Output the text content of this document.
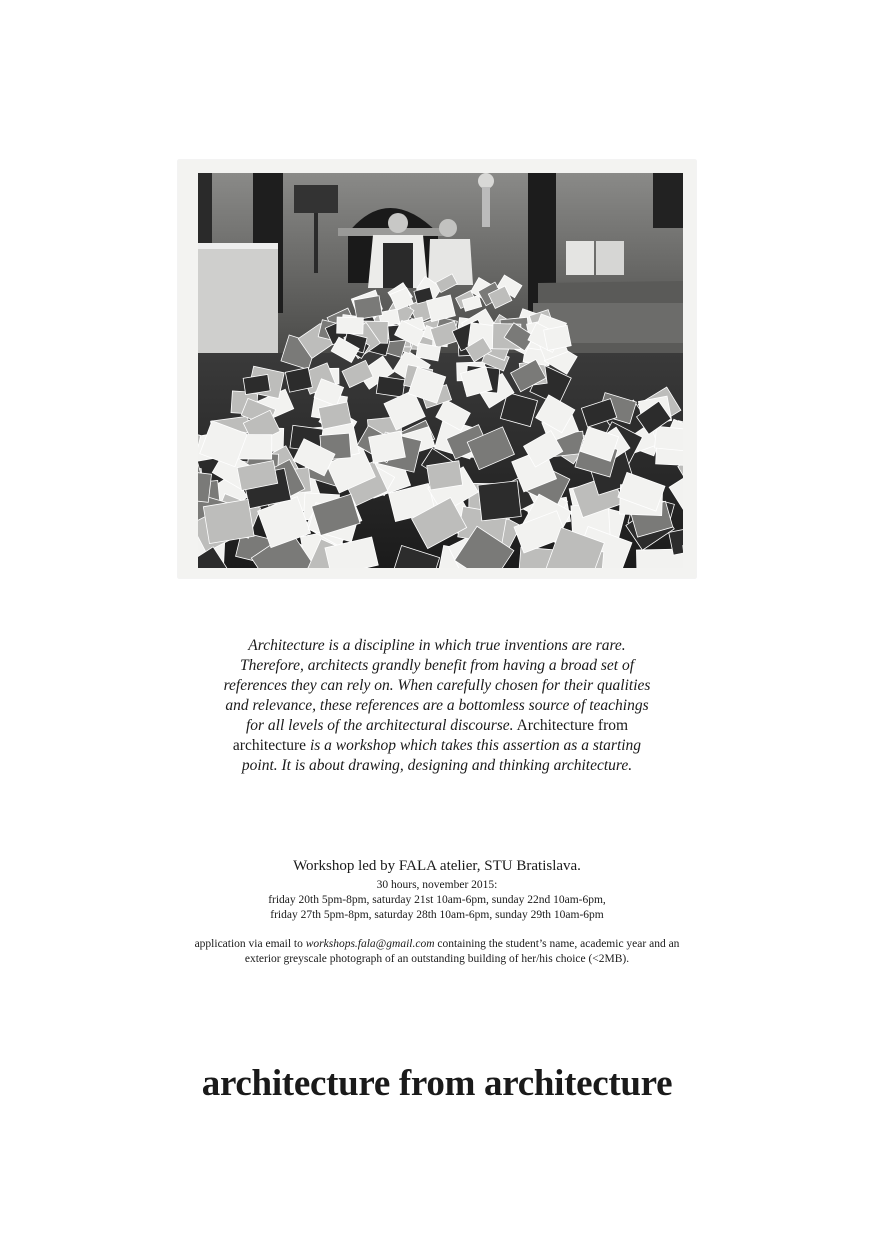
Architecture is a discipline in which true inventions are rare. Therefore, architects grandly benefit from having a broad set of references they can rely on. When carefully chosen for their qualities and relevance, these references are a bottomless source of teachings for all levels of the architectural discourse. Architecture from architecture is a workshop which takes this assertion as a starting point. It is about drawing, designing and thinking architecture.
Workshop led by FALA atelier, STU Bratislava.
30 hours, november 2015:
friday 20th 5pm-8pm, saturday 21st 10am-6pm, sunday 22nd 10am-6pm,
friday 27th 5pm-8pm, saturday 28th 10am-6pm, sunday 29th 10am-6pm
application via email to workshops.fala@gmail.com containing the student’s name, academic year and an exterior greyscale photograph of an outstanding building of her/his choice (<2MB).
architecture from architecture
